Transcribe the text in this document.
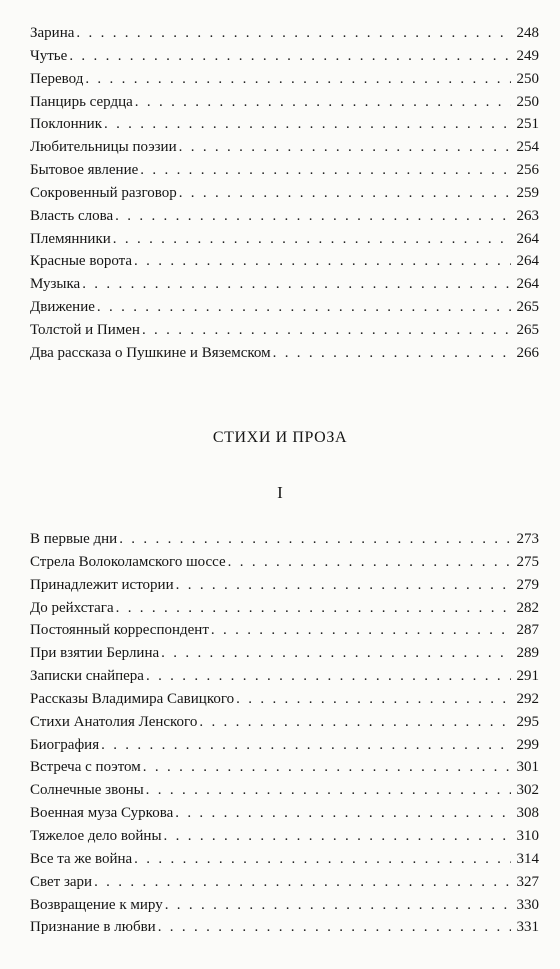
Зарина . . .	248
Чутье . . .	249
Перевод . . .	250
Панцирь сердца . . .	250
Поклонник . . .	251
Любительницы поэзии . . .	254
Бытовое явление . . .	256
Сокровенный разговор . . .	259
Власть слова . . .	263
Племянники . . .	264
Красные ворота . . .	264
Музыка . . .	264
Движение . . .	265
Толстой и Пимен . . .	265
Два рассказа о Пушкине и Вяземском . . .	266
СТИХИ И ПРОЗА
I
В первые дни . . .	273
Стрела Волоколамского шоссе . . .	275
Принадлежит истории . . .	279
До рейхстага . . .	282
Постоянный корреспондент . . .	287
При взятии Берлина . . .	289
Записки снайпера . . .	291
Рассказы Владимира Савицкого . . .	292
Стихи Анатолия Ленского . . .	295
Биография . . .	299
Встреча с поэтом . . .	301
Солнечные звоны . . .	302
Военная муза Суркова . . .	308
Тяжелое дело войны . . .	310
Все та же война . . .	314
Свет зари . . .	327
Возвращение к миру . . .	330
Признание в любви . . .	331
